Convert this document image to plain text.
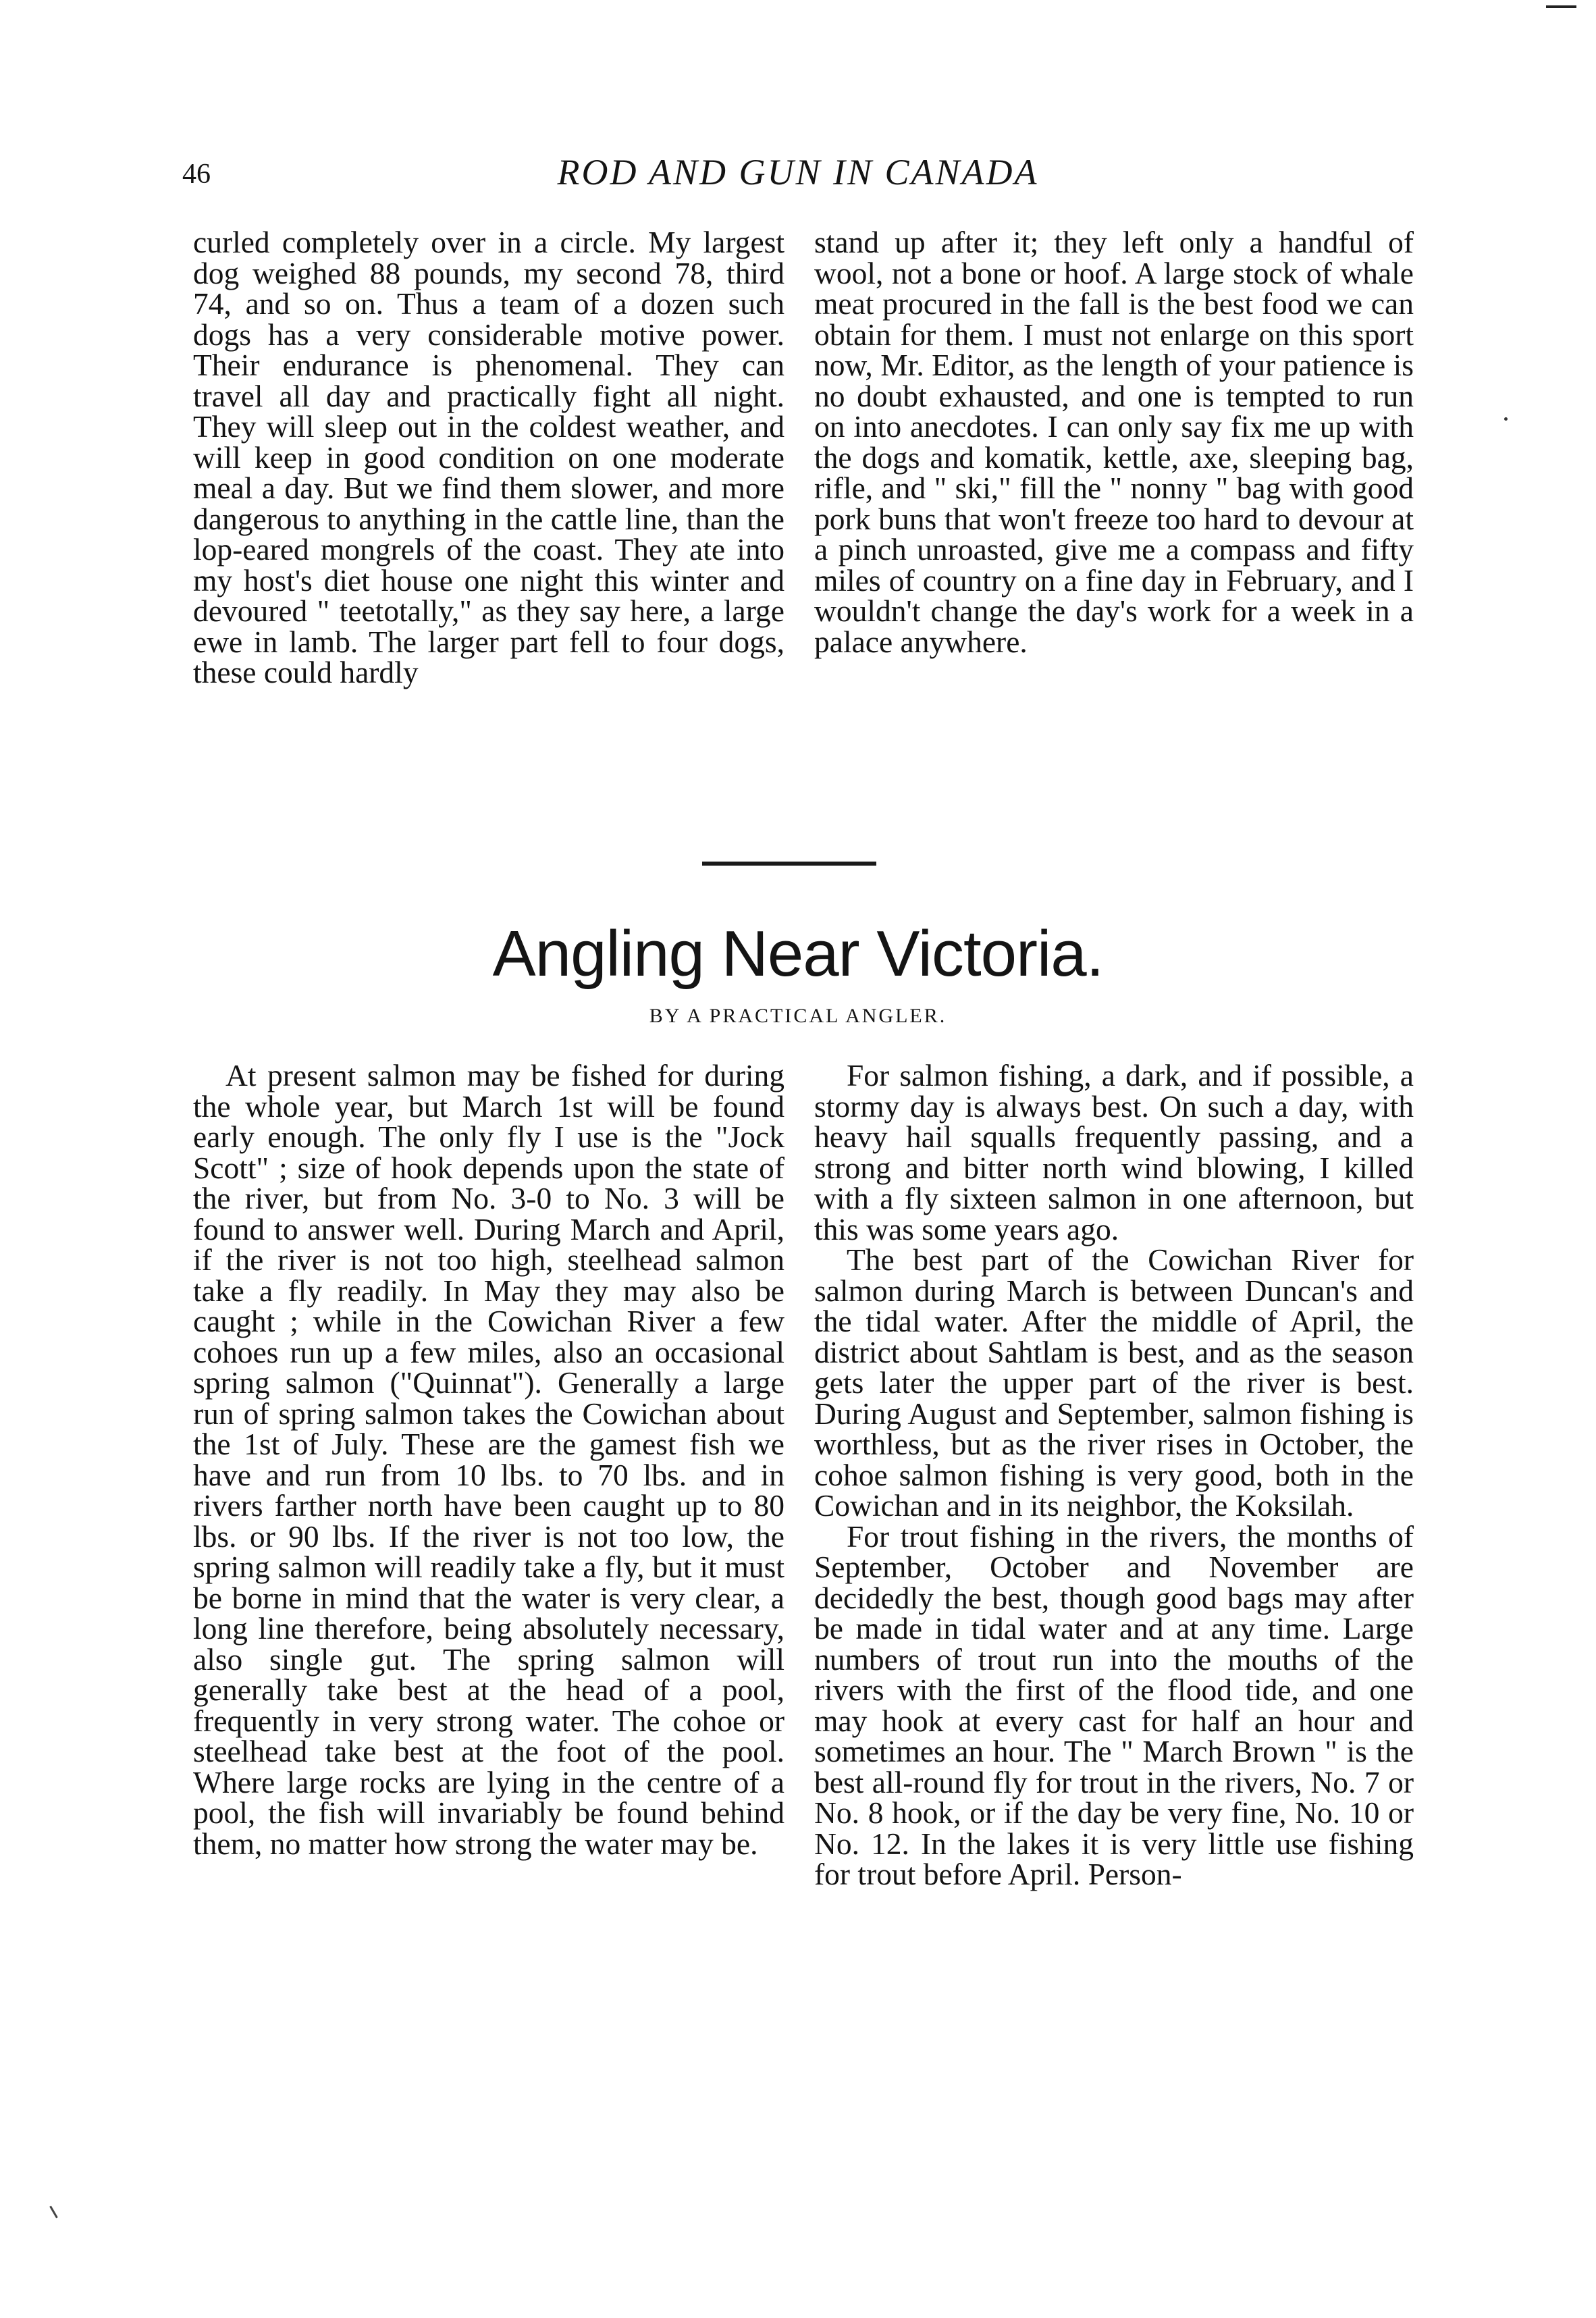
46	ROD AND GUN IN CANADA

curled completely over in a circle. My largest dog weighed 88 pounds, my second 78, third 74, and so on. Thus a team of a dozen such dogs has a very considerable motive power. Their endurance is phenomenal. They can travel all day and practically fight all night. They will sleep out in the coldest weather, and will keep in good condition on one moderate meal a day. But we find them slower, and more dangerous to anything in the cattle line, than the lop-eared mongrels of the coast. They ate into my host's diet house one night this winter and devoured " teetotally," as they say here, a large ewe in lamb. The larger part fell to four dogs, these could hardly

stand up after it; they left only a handful of wool, not a bone or hoof. A large stock of whale meat procured in the fall is the best food we can obtain for them. I must not enlarge on this sport now, Mr. Editor, as the length of your patience is no doubt exhausted, and one is tempted to run on into anecdotes. I can only say fix me up with the dogs and komatik, kettle, axe, sleeping bag, rifle, and " ski," fill the " nonny " bag with good pork buns that won't freeze too hard to devour at a pinch unroasted, give me a compass and fifty miles of country on a fine day in February, and I wouldn't change the day's work for a week in a palace anywhere.

Angling Near Victoria.
BY A PRACTICAL ANGLER.

At present salmon may be fished for during the whole year, but March 1st will be found early enough. The only fly I use is the "Jock Scott" ; size of hook depends upon the state of the river, but from No. 3-0 to No. 3 will be found to answer well. During March and April, if the river is not too high, steelhead salmon take a fly readily. In May they may also be caught ; while in the Cowichan River a few cohoes run up a few miles, also an occasional spring salmon ("Quinnat"). Generally a large run of spring salmon takes the Cowichan about the 1st of July. These are the gamest fish we have and run from 10 lbs. to 70 lbs. and in rivers farther north have been caught up to 80 lbs. or 90 lbs. If the river is not too low, the spring salmon will readily take a fly, but it must be borne in mind that the water is very clear, a long line therefore, being absolutely necessary, also single gut. The spring salmon will generally take best at the head of a pool, frequently in very strong water. The cohoe or steelhead take best at the foot of the pool. Where large rocks are lying in the centre of a pool, the fish will invariably be found behind them, no matter how strong the water may be.

For salmon fishing, a dark, and if possible, a stormy day is always best. On such a day, with heavy hail squalls frequently passing, and a strong and bitter north wind blowing, I killed with a fly sixteen salmon in one afternoon, but this was some years ago.

The best part of the Cowichan River for salmon during March is between Duncan's and the tidal water. After the middle of April, the district about Sahtlam is best, and as the season gets later the upper part of the river is best. During August and September, salmon fishing is worthless, but as the river rises in October, the cohoe salmon fishing is very good, both in the Cowichan and in its neighbor, the Koksilah.

For trout fishing in the rivers, the months of September, October and November are decidedly the best, though good bags may after be made in tidal water and at any time. Large numbers of trout run into the mouths of the rivers with the first of the flood tide, and one may hook at every cast for half an hour and sometimes an hour. The " March Brown " is the best all-round fly for trout in the rivers, No. 7 or No. 8 hook, or if the day be very fine, No. 10 or No. 12. In the lakes it is very little use fishing for trout before April. Person-
